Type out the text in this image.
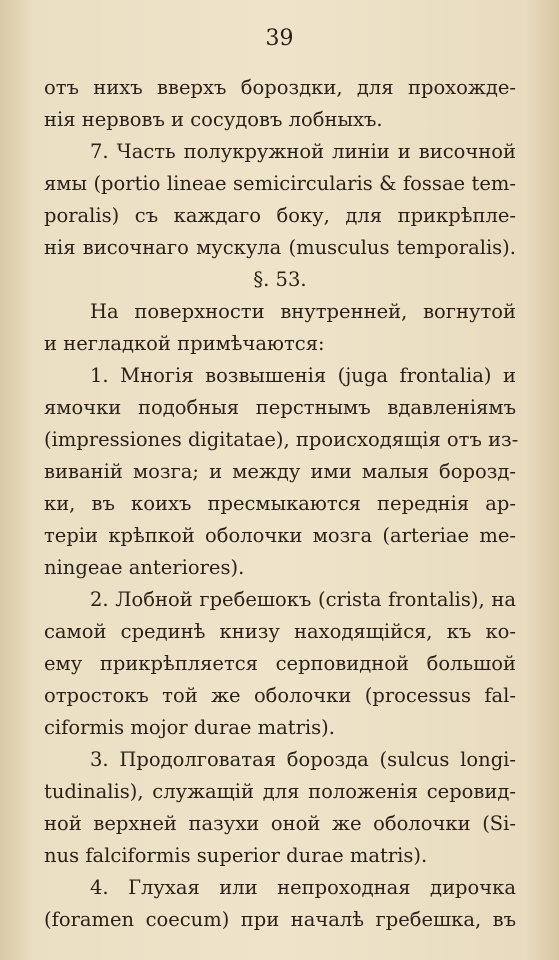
39
отъ нихъ вверхъ бороздки, для прохожде-
нія нервовъ и сосудовъ лобныхъ.
7. Часть полукружной линіи и височной
ямы (portio lineae semicircularis & fossae tem-
poralis) съ каждаго боку, для прикрѣпле-
нія височнаго мускула (musculus temporalis).
§. 53.
На поверхности внутренней, вогнутой
и негладкой примѣчаются:
1. Многія возвышенія (juga frontalia) и
ямочки подобныя перстнымъ вдавленіямъ
(impressiones digitatae), происходящія отъ из-
виваній мозга; и между ими малыя борозд-
ки, въ коихъ пресмыкаются переднія ар-
теріи крѣпкой оболочки мозга (arteriae me-
ningeae anteriores).
2. Лобной гребешокъ (crista frontalis), на
самой срединѣ книзу находящійся, къ ко-
ему прикрѣпляется серповидной большой
отростокъ той же оболочки (processus fal-
ciformis mojor durae matris).
3. Продолговатая борозда (sulcus longi-
tudinalis), служащій для положенія серовид-
ной верхней пазухи оной же оболочки (Si-
nus falciformis superior durae matris).
4. Глухая или непроходная дирочка
(foramen coecum) при началѣ гребешка, въ
